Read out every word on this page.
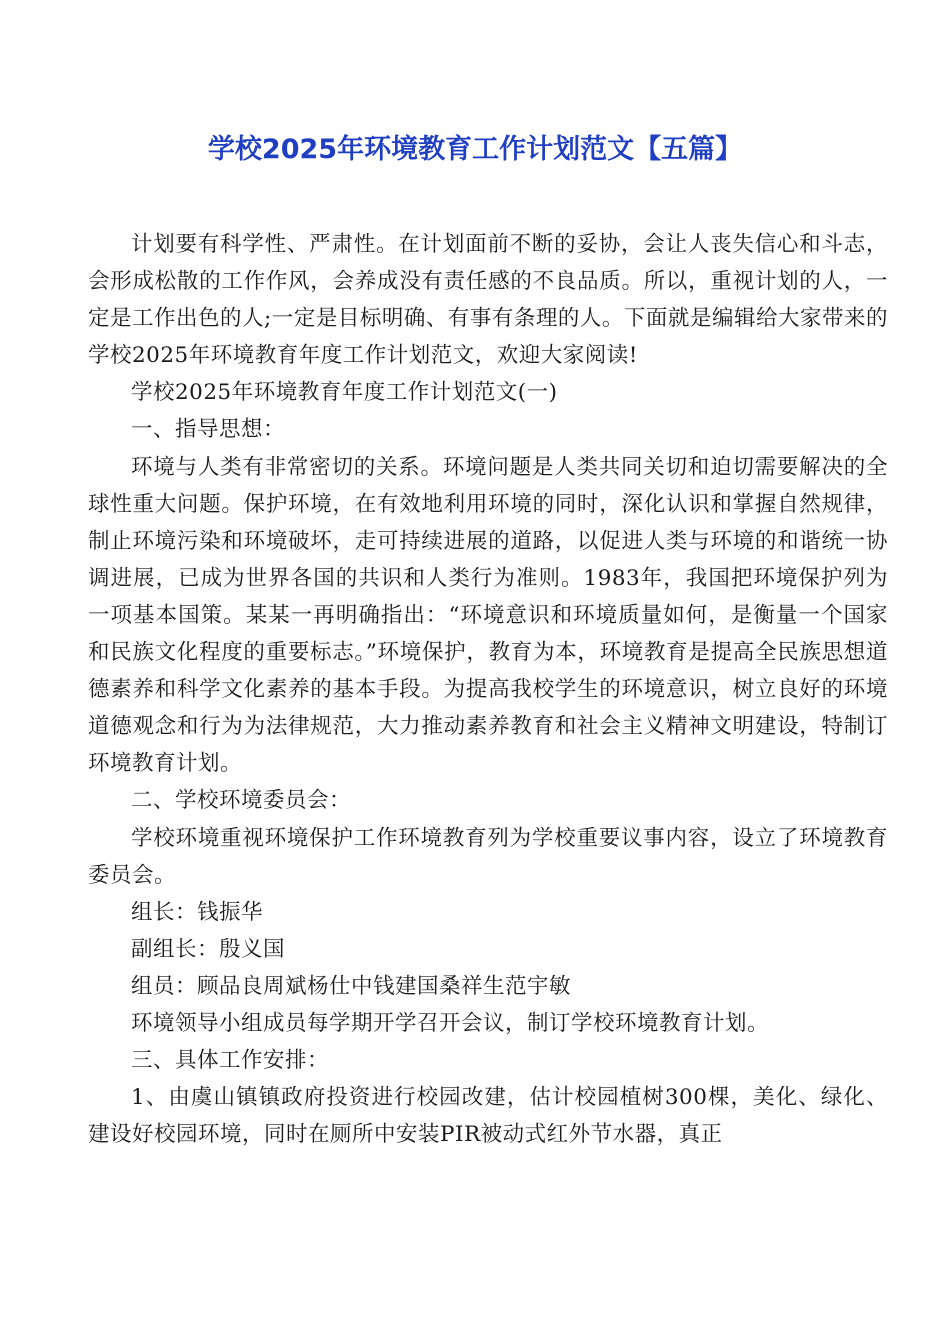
学校2025年环境教育工作计划范文【五篇】

计划要有科学性、严肃性。在计划面前不断的妥协，会让人丧失信心和斗志，会形成松散的工作作风，会养成没有责任感的不良品质。所以，重视计划的人，一定是工作出色的人;一定是目标明确、有事有条理的人。下面就是编辑给大家带来的学校2025年环境教育年度工作计划范文，欢迎大家阅读!

学校2025年环境教育年度工作计划范文(一)

一、指导思想：

环境与人类有非常密切的关系。环境问题是人类共同关切和迫切需要解决的全球性重大问题。保护环境，在有效地利用环境的同时，深化认识和掌握自然规律，制止环境污染和环境破坏，走可持续进展的道路，以促进人类与环境的和谐统一协调进展，已成为世界各国的共识和人类行为准则。1983年，我国把环境保护列为一项基本国策。某某一再明确指出：“环境意识和环境质量如何，是衡量一个国家和民族文化程度的重要标志。”环境保护，教育为本，环境教育是提高全民族思想道德素养和科学文化素养的基本手段。为提高我校学生的环境意识，树立良好的环境道德观念和行为为法律规范，大力推动素养教育和社会主义精神文明建设，特制订环境教育计划。

二、学校环境委员会：

学校环境重视环境保护工作环境教育列为学校重要议事内容，设立了环境教育委员会。

组长：钱振华

副组长：殷义国

组员：顾品良周斌杨仕中钱建国桑祥生范宇敏

环境领导小组成员每学期开学召开会议，制订学校环境教育计划。

三、具体工作安排：

1、由虞山镇镇政府投资进行校园改建，估计校园植树300棵，美化、绿化、建设好校园环境，同时在厕所中安装PIR被动式红外节水器，真正
